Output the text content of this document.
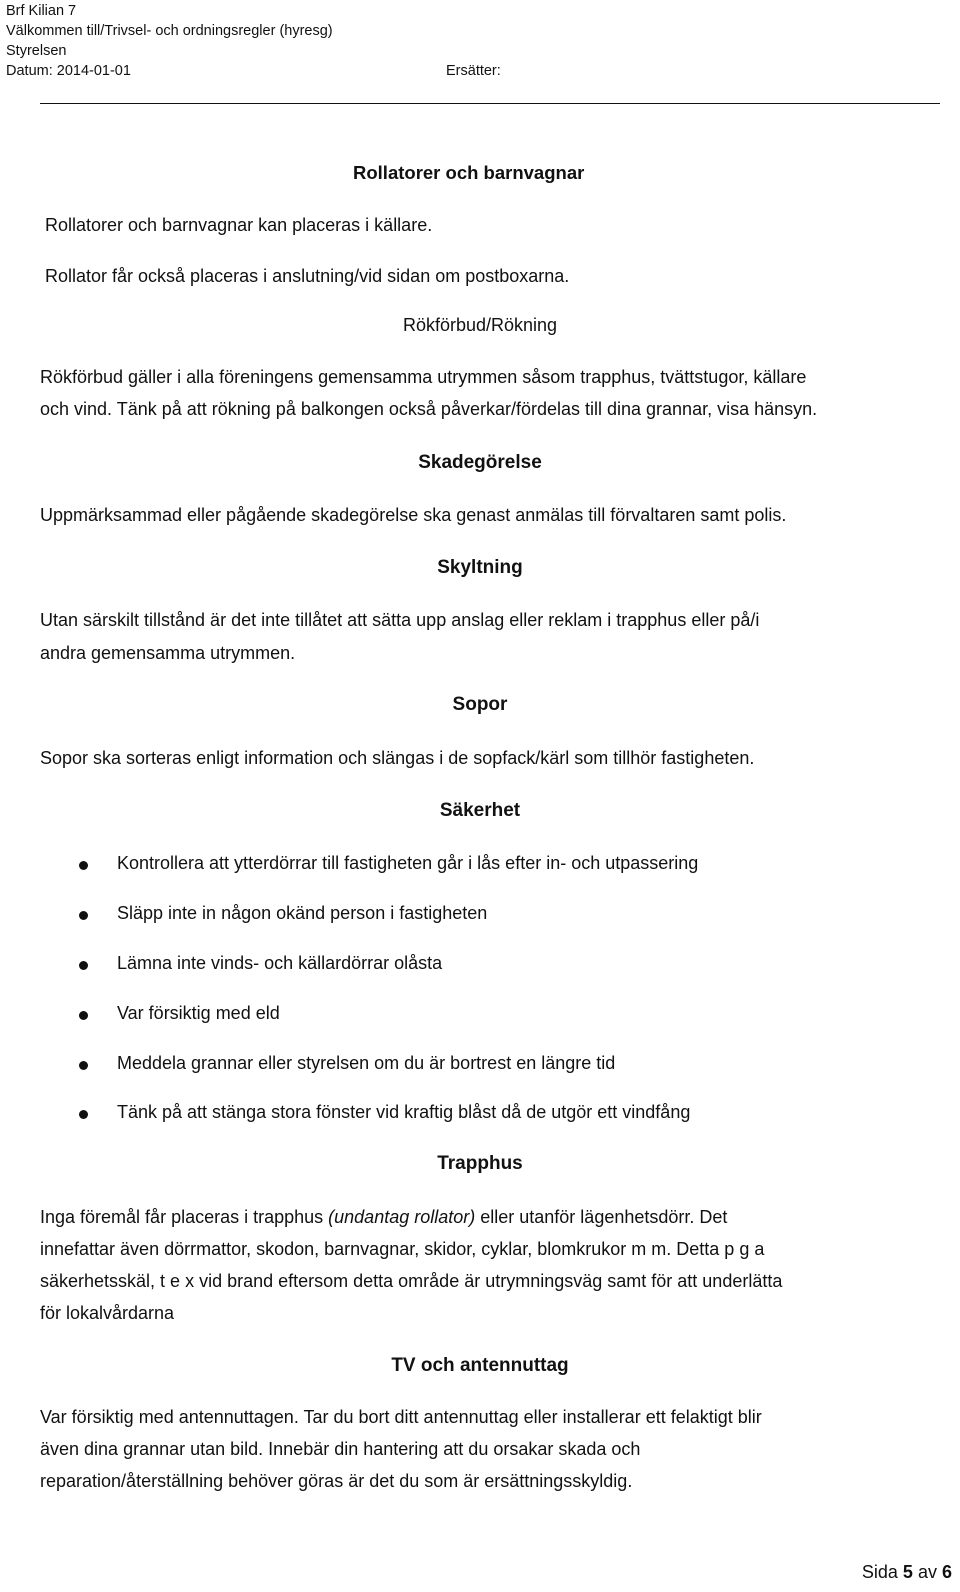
Brf Kilian 7
Välkommen till/Trivsel- och ordningsregler (hyresg)
Styrelsen
Datum: 2014-01-01	Ersätter:
Rollatorer och barnvagnar
Rollatorer och barnvagnar kan placeras i källare.
Rollator får också placeras i anslutning/vid sidan om postboxarna.
Rökförbud/Rökning
Rökförbud gäller i alla föreningens gemensamma utrymmen såsom trapphus, tvättstugor, källare
och vind. Tänk på att rökning på balkongen också påverkar/fördelas till dina grannar, visa hänsyn.
Skadegörelse
Uppmärksammad eller pågående skadegörelse ska genast anmälas till förvaltaren samt polis.
Skyltning
Utan särskilt tillstånd är det inte tillåtet att sätta upp anslag eller reklam i trapphus eller på/i
andra gemensamma utrymmen.
Sopor
Sopor ska sorteras enligt information och slängas i de sopfack/kärl som tillhör fastigheten.
Säkerhet
Kontrollera att ytterdörrar till fastigheten går i lås efter in- och utpassering
Släpp inte in någon okänd person i fastigheten
Lämna inte vinds- och källardörrar olåsta
Var försiktig med eld
Meddela grannar eller styrelsen om du är bortrest en längre tid
Tänk på att stänga stora fönster vid kraftig blåst då de utgör ett vindfång
Trapphus
Inga föremål får placeras i trapphus (undantag rollator) eller utanför lägenhetsdörr. Det
innefattar även dörrmattor, skodon, barnvagnar, skidor, cyklar, blomkrukor m m. Detta p g a
säkerhetsskäl, t e x vid brand eftersom detta område är utrymningsväg samt för att underlätta
för lokalvårdarna
TV och antennuttag
Var försiktig med antennuttagen. Tar du bort ditt antennuttag eller installerar ett felaktigt blir
även dina grannar utan bild. Innebär din hantering att du orsakar skada och
reparation/återställning behöver göras är det du som är ersättningsskyldig.
Sida 5 av 6
